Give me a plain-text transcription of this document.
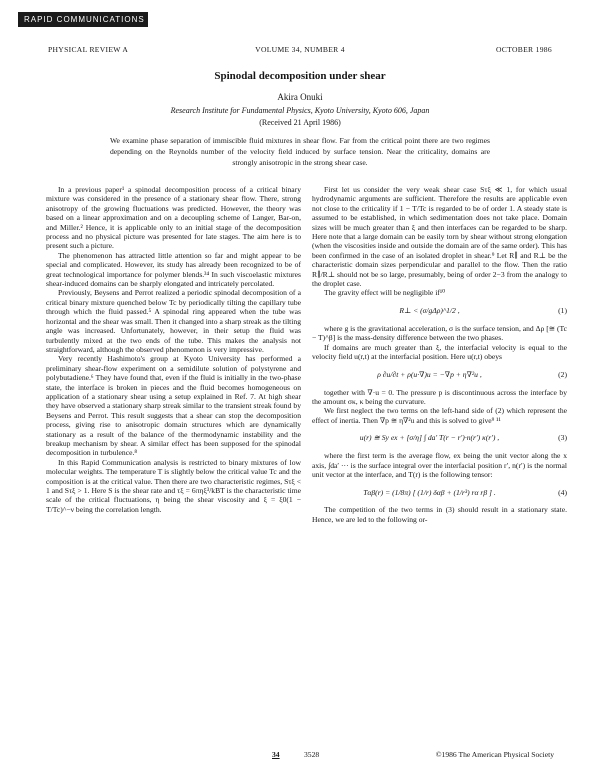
RAPID COMMUNICATIONS
PHYSICAL REVIEW A	VOLUME 34, NUMBER 4	OCTOBER 1986
Spinodal decomposition under shear
Akira Onuki
Research Institute for Fundamental Physics, Kyoto University, Kyoto 606, Japan
(Received 21 April 1986)
We examine phase separation of immiscible fluid mixtures in shear flow. Far from the critical point there are two regimes depending on the Reynolds number of the velocity field induced by surface tension. Near the criticality, domains are strongly anisotropic in the strong shear case.

In a previous paper¹ a spinodal decomposition process of a critical binary mixture was considered in the presence of a stationary shear flow. There, strong anisotropy of the growing fluctuations was predicted. However, the theory was based on a linear approximation and on a decoupling scheme of Langer, Bar-on, and Miller.² Hence, it is applicable only to an initial stage of the decomposition process and no physical picture was presented for late stages. The aim here is to present such a picture.

The phenomenon has attracted little attention so far and might appear to be special and complicated. However, its study has already been recognized to be of great technological importance for polymer blends.³⁴ In such viscoelastic mixtures shear-induced domains can be sharply elongated and intricately percolated.

Previously, Beysens and Perrot realized a periodic spinodal decomposition of a critical binary mixture quenched below Tc by periodically tilting the capillary tube through which the fluid passed.⁵ A spinodal ring appeared when the tube was horizontal and the shear was small. Then it changed into a sharp streak as the tilting angle was increased. Unfortunately, however, in their setup the fluid was turbulently mixed at the two ends of the tube. This makes the analysis not straightforward, although the observed phenomenon is very impressive.

Very recently Hashimoto's group at Kyoto University has performed a preliminary shear-flow experiment on a semidilute solution of polystyrene and polybutadiene.⁶ They have found that, even if the fluid is initially in the two-phase state, the interface is broken in pieces and the fluid becomes homogeneous on application of a stationary shear using a setup explained in Ref. 7. At high shear they have observed a stationary sharp streak similar to the transient streak found by Beysens and Perrot. This result suggests that a shear can stop the decomposition process, giving rise to anisotropic domain structures which are dynamically stationary as a result of the balance of the thermodynamic instability and the breakup mechanism by shear. A similar effect has been supposed for the spinodal decomposition in turbulence.⁸

In this Rapid Communication analysis is restricted to binary mixtures of low molecular weights. The temperature T is slightly below the critical value Tc and the composition is at the critical value. Then there are two characteristic regimes, Sτξ < 1 and Sτξ > 1. Here S is the shear rate and τξ = 6πηξ³/kBT is the characteristic time scale of the critical fluctuations, η being the shear viscosity and ξ = ξ0(1 − T/Tc)^−ν being the correlation length.

First let us consider the very weak shear case Sτξ ≪ 1, for which usual hydrodynamic arguments are sufficient. Therefore the results are applicable even not close to the criticality if 1 − T/Tc is regarded to be of order 1. A steady state is assumed to be established, in which sedimentation does not take place. Domain sizes will be much greater than ξ and then interfaces can be regarded to be sharp. Here note that a large domain can be easily torn by shear without strong elongation (when the viscosities inside and outside the domain are of the same order). This has been confirmed in the case of an isolated droplet in shear.⁹ Let R∥ and R⊥ be the characteristic domain sizes perpendicular and parallel to the flow. Then the ratio R∥/R⊥ should not be so large, presumably, being of order 2−3 from the analogy to the droplet case.

The gravity effect will be negligible if¹⁰

R⊥ < (σ/gΔρ)^1/2 ,	(1)

where g is the gravitational acceleration, σ is the surface tension, and Δρ [≅ (Tc − T)^β] is the mass-density difference between the two phases.

If domains are much greater than ξ, the interfacial velocity is equal to the velocity field u(r,t) at the interfacial position. Here u(r,t) obeys

ρ ∂u/∂t + ρ(u·∇)u = −∇p + η∇²u ,	(2)

together with ∇·u = 0. The pressure p is discontinuous across the interface by the amount σκ, κ being the curvature.

We first neglect the two terms on the left-hand side of (2) which represent the effect of inertia. Then ∇p ≅ η∇²u and this is solved to give⁹ ¹¹

u(r) ≅ Sy ex + [σ/η] ∫ da′ T(r − r′)·n(r′) κ(r′) ,	(3)

where the first term is the average flow, ex being the unit vector along the x axis, ∫da′ ··· is the surface integral over the interfacial position r′, n(r′) is the normal unit vector at the interface, and T(r) is the following tensor:

Tαβ(r) = (1/8π) [ (1/r) δαβ + (1/r³) rα rβ ] .	(4)

The competition of the two terms in (3) should result in a stationary state. Hence, we are led to the following or-

34	3528	©1986 The American Physical Society
